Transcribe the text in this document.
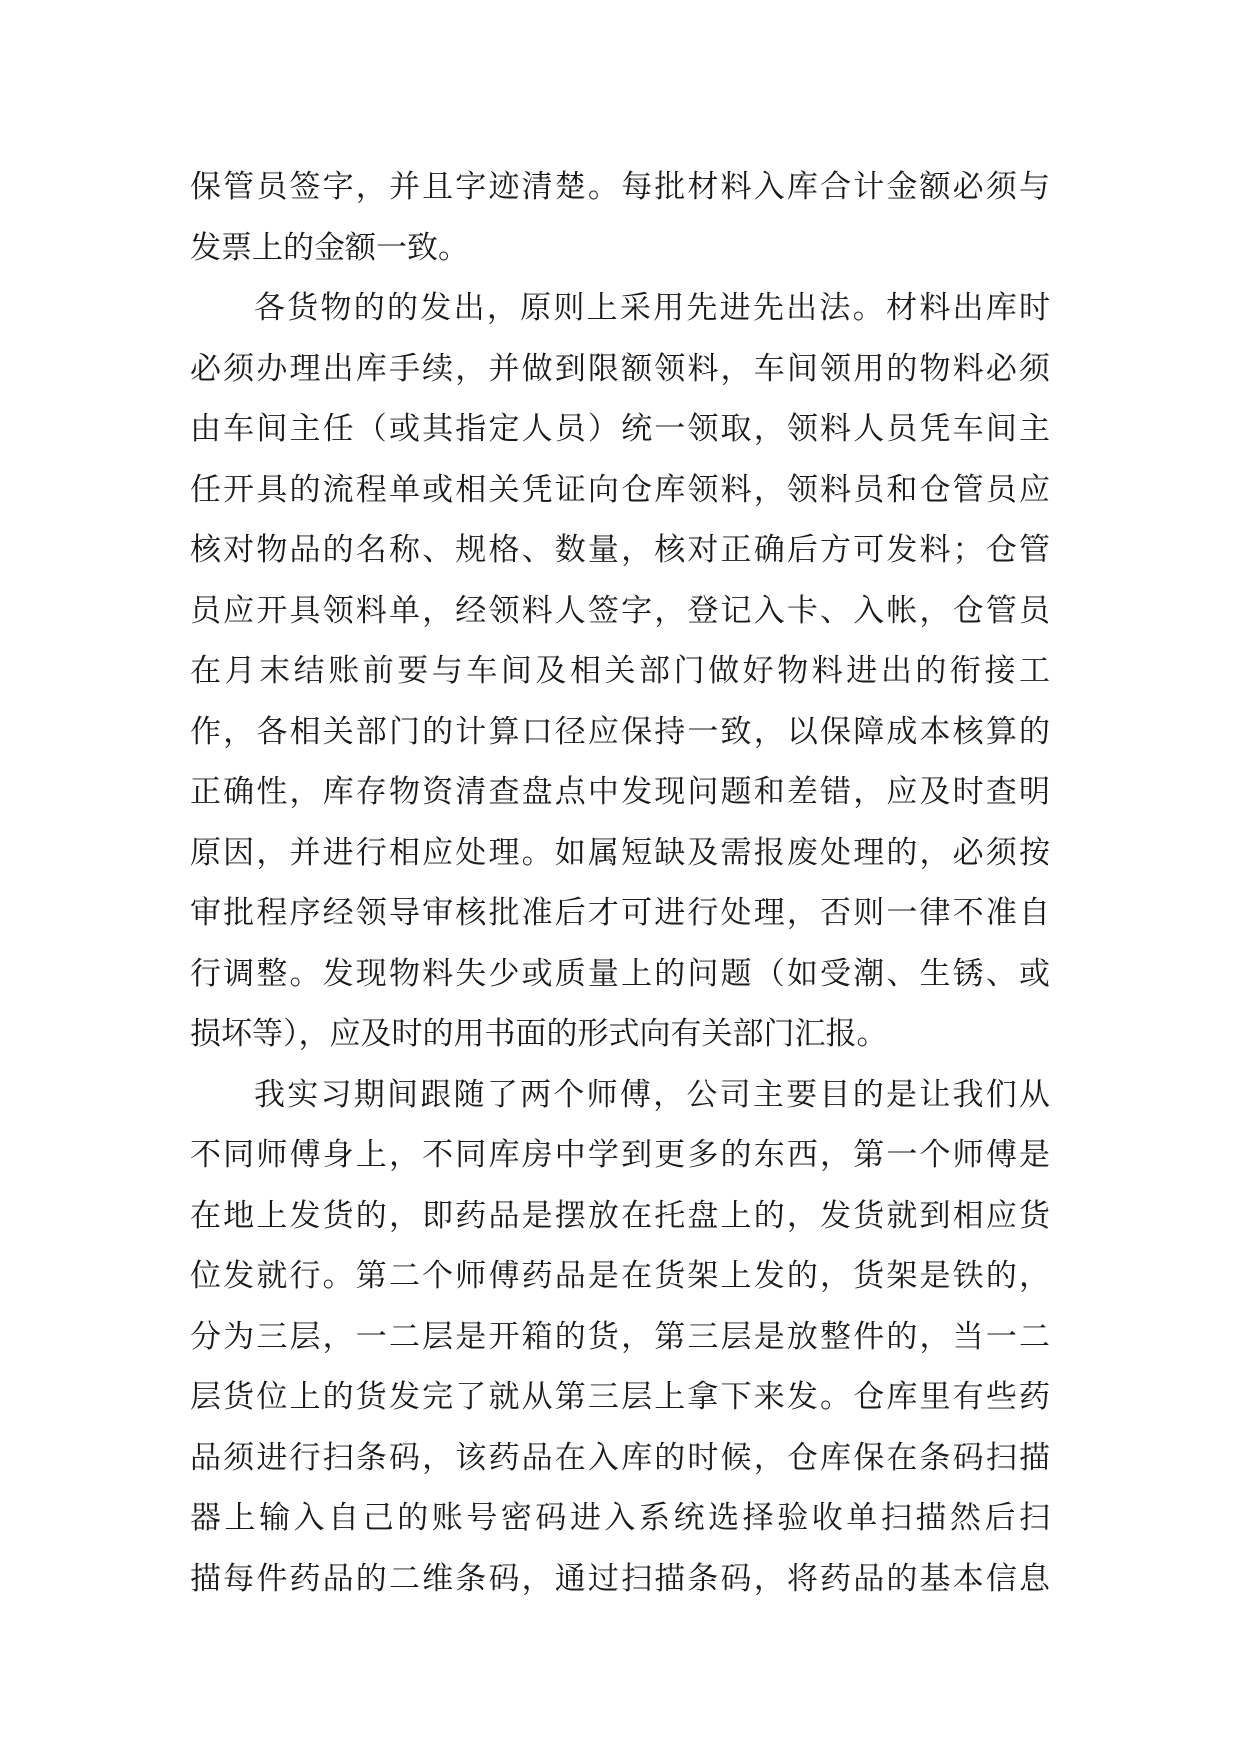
保管员签字，并且字迹清楚。每批材料入库合计金额必须与
发票上的金额一致。
各货物的的发出，原则上采用先进先出法。材料出库时
必须办理出库手续，并做到限额领料，车间领用的物料必须
由车间主任（或其指定人员）统一领取，领料人员凭车间主
任开具的流程单或相关凭证向仓库领料，领料员和仓管员应
核对物品的名称、规格、数量，核对正确后方可发料；仓管
员应开具领料单，经领料人签字，登记入卡、入帐，仓管员
在月末结账前要与车间及相关部门做好物料进出的衔接工
作，各相关部门的计算口径应保持一致，以保障成本核算的
正确性，库存物资清查盘点中发现问题和差错，应及时查明
原因，并进行相应处理。如属短缺及需报废处理的，必须按
审批程序经领导审核批准后才可进行处理，否则一律不准自
行调整。发现物料失少或质量上的问题（如受潮、生锈、或
损坏等），应及时的用书面的形式向有关部门汇报。
我实习期间跟随了两个师傅，公司主要目的是让我们从
不同师傅身上，不同库房中学到更多的东西，第一个师傅是
在地上发货的，即药品是摆放在托盘上的，发货就到相应货
位发就行。第二个师傅药品是在货架上发的，货架是铁的，
分为三层，一二层是开箱的货，第三层是放整件的，当一二
层货位上的货发完了就从第三层上拿下来发。仓库里有些药
品须进行扫条码，该药品在入库的时候，仓库保在条码扫描
器上输入自己的账号密码进入系统选择验收单扫描然后扫
描每件药品的二维条码，通过扫描条码，将药品的基本信息
